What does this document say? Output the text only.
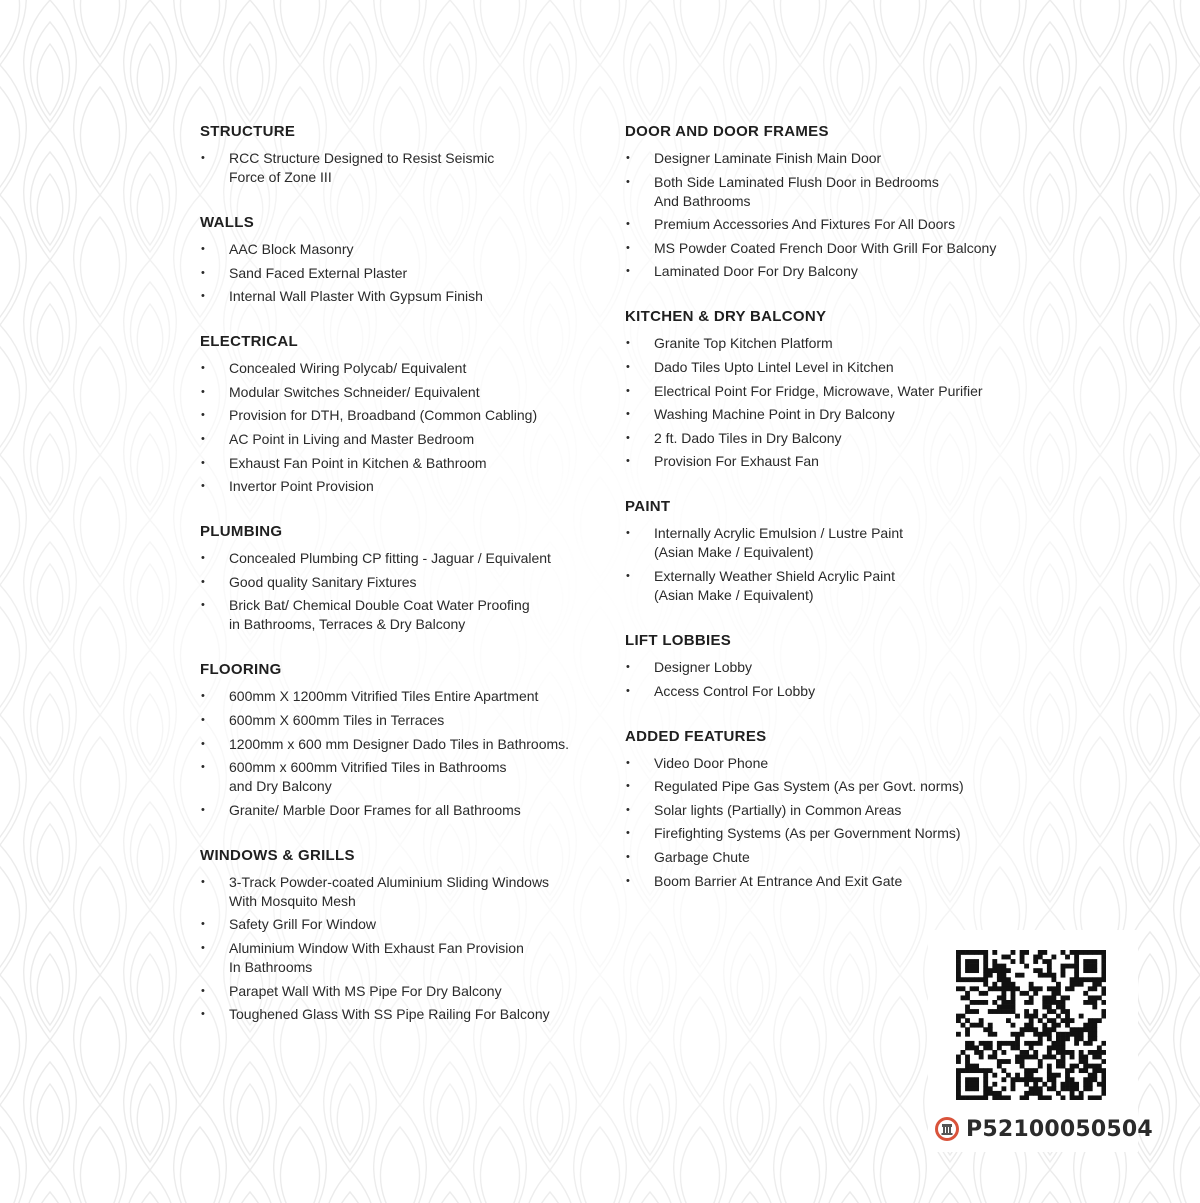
STRUCTURE
•	RCC Structure Designed to Resist Seismic
Force of Zone III
WALLS
•	AAC Block Masonry
•	Sand Faced External Plaster
•	Internal Wall Plaster With Gypsum Finish
ELECTRICAL
•	Concealed Wiring Polycab/ Equivalent
•	Modular Switches Schneider/ Equivalent
•	Provision for DTH, Broadband (Common Cabling)
•	AC Point in Living and Master Bedroom
•	Exhaust Fan Point in Kitchen & Bathroom
•	Invertor Point Provision
PLUMBING
•	Concealed Plumbing CP fitting - Jaguar / Equivalent
•	Good quality Sanitary Fixtures
•	Brick Bat/ Chemical Double Coat Water Proofing
in Bathrooms, Terraces & Dry Balcony
FLOORING
•	600mm X 1200mm Vitrified Tiles Entire Apartment
•	600mm X 600mm Tiles in Terraces
•	1200mm x 600 mm Designer Dado Tiles in Bathrooms.
•	600mm x 600mm Vitrified Tiles in Bathrooms
and Dry Balcony
•	Granite/ Marble Door Frames for all Bathrooms
WINDOWS & GRILLS
•	3-Track Powder-coated Aluminium Sliding Windows
With Mosquito Mesh
•	Safety Grill For Window
•	Aluminium Window With Exhaust Fan Provision
In Bathrooms
•	Parapet Wall With MS Pipe For Dry Balcony
•	Toughened Glass With SS Pipe Railing For Balcony
DOOR AND DOOR FRAMES
•	Designer Laminate Finish Main Door
•	Both Side Laminated Flush Door in Bedrooms
And Bathrooms
•	Premium Accessories And Fixtures For All Doors
•	MS Powder Coated French Door With Grill For Balcony
•	Laminated Door For Dry Balcony
KITCHEN & DRY BALCONY
•	Granite Top Kitchen Platform
•	Dado Tiles Upto Lintel Level in Kitchen
•	Electrical Point For Fridge, Microwave, Water Purifier
•	Washing Machine Point in Dry Balcony
•	2 ft. Dado Tiles in Dry Balcony
•	Provision For Exhaust Fan
PAINT
•	Internally Acrylic Emulsion / Lustre Paint
(Asian Make / Equivalent)
•	Externally Weather Shield Acrylic Paint
(Asian Make / Equivalent)
LIFT LOBBIES
•	Designer Lobby
•	Access Control For Lobby
ADDED FEATURES
•	Video Door Phone
•	Regulated Pipe Gas System (As per Govt. norms)
•	Solar lights (Partially) in Common Areas
•	Firefighting Systems (As per Government Norms)
•	Garbage Chute
•	Boom Barrier At Entrance And Exit Gate
P52100050504
